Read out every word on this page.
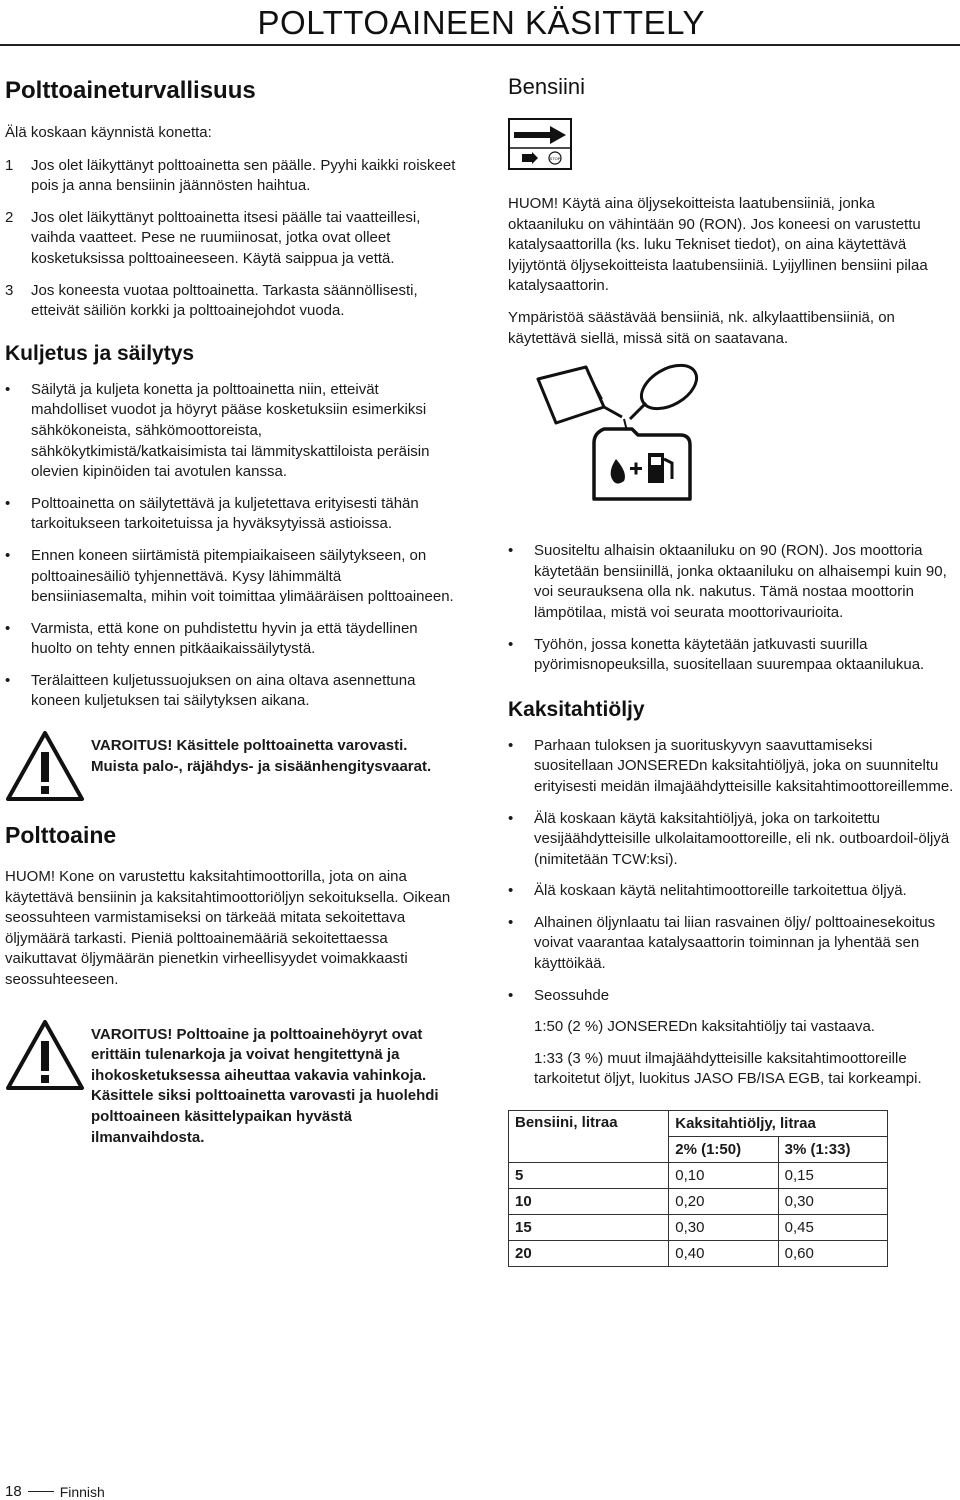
POLTTOAINEEN KÄSITTELY
Polttoaineturvallisuus

Älä koskaan käynnistä konetta:

1	Jos olet läikyttänyt polttoainetta sen päälle. Pyyhi kaikki roiskeet pois ja anna bensiinin jäännösten haihtua.
2	Jos olet läikyttänyt polttoainetta itsesi päälle tai vaatteillesi, vaihda vaatteet. Pese ne ruumiinosat, jotka ovat olleet kosketuksissa polttoaineeseen. Käytä saippua ja vettä.
3	Jos koneesta vuotaa polttoainetta. Tarkasta säännöllisesti, etteivät säiliön korkki ja polttoainejohdot vuoda.
Kuljetus ja säilytys
•	Säilytä ja kuljeta konetta ja polttoainetta niin, etteivät mahdolliset vuodot ja höyryt pääse kosketuksiin esimerkiksi sähkökoneista, sähkömoottoreista, sähkökytkimistä/katkaisimista tai lämmityskattiloista peräisin olevien kipinöiden tai avotulen kanssa.
•	Polttoainetta on säilytettävä ja kuljetettava erityisesti tähän tarkoitukseen tarkoitetuissa ja hyväksytyissä astioissa.
•	Ennen koneen siirtämistä pitempiaikaiseen säilytykseen, on polttoainesäiliö tyhjennettävä. Kysy lähimmältä bensiiniasemalta, mihin voit toimittaa ylimääräisen polttoaineen.
•	Varmista, että kone on puhdistettu hyvin ja että täydellinen huolto on tehty ennen pitkäaikaissäilytystä.
•	Terälaitteen kuljetussuojuksen on aina oltava asennettuna koneen kuljetuksen tai säilytyksen aikana.
VAROITUS! Käsittele polttoainetta varovasti. Muista palo-, räjähdys- ja sisäänhengitysvaarat.
Polttoaine

HUOM! Kone on varustettu kaksitahtimoottorilla, jota on aina käytettävä bensiinin ja kaksitahtimoottoriöljyn sekoituksella. Oikean seossuhteen varmistamiseksi on tärkeää mitata sekoitettava öljymäärä tarkasti. Pieniä polttoainemääriä sekoitettaessa vaikuttavat öljymäärän pienetkin virheellisyydet voimakkaasti seossuhteeseen.

VAROITUS! Polttoaine ja polttoainehöyryt ovat erittäin tulenarkoja ja voivat hengitettynä ja ihokosketuksessa aiheuttaa vakavia vahinkoja. Käsittele siksi polttoainetta varovasti ja huolehdi polttoaineen käsittelypaikan hyvästä ilmanvaihdosta.
Bensiini
STOP

HUOM! Käytä aina öljysekoitteista laatubensiiniä, jonka oktaaniluku on vähintään 90 (RON). Jos koneesi on varustettu katalysaattorilla (ks. luku Tekniset tiedot), on aina käytettävä lyijytöntä öljysekoitteista laatubensiiniä. Lyijyllinen bensiini pilaa katalysaattorin.

Ympäristöä säästävää bensiiniä, nk. alkylaattibensiiniä, on käytettävä siellä, missä sitä on saatavana.

•	Suositeltu alhaisin oktaaniluku on 90 (RON). Jos moottoria käytetään bensiinillä, jonka oktaaniluku on alhaisempi kuin 90, voi seurauksena olla nk. nakutus. Tämä nostaa moottorin lämpötilaa, mistä voi seurata moottorivaurioita.
•	Työhön, jossa konetta käytetään jatkuvasti suurilla pyörimisnopeuksilla, suositellaan suurempaa oktaanilukua.
Kaksitahtiöljy
•	Parhaan tuloksen ja suorituskyvyn saavuttamiseksi suositellaan JONSEREDn kaksitahtiöljyä, joka on suunniteltu erityisesti meidän ilmajäähdytteisille kaksitahtimoottoreillemme.
•	Älä koskaan käytä kaksitahtiöljyä, joka on tarkoitettu vesijäähdytteisille ulkolaitamoottoreille, eli nk. outboardoil-öljyä (nimitetään TCW:ksi).
•	Älä koskaan käytä nelitahtimoottoreille tarkoitettua öljyä.
•	Alhainen öljynlaatu tai liian rasvainen öljy/ polttoainesekoitus voivat vaarantaa katalysaattorin toiminnan ja lyhentää sen käyttöikää.
•	Seossuhde

1:50 (2 %) JONSEREDn kaksitahtiöljy tai vastaava.

1:33 (3 %) muut ilmajäähdytteisille kaksitahtimoottoreille tarkoitetut öljyt, luokitus JASO FB/ISA EGB, tai korkeampi.

Bensiini, litraa	Kaksitahtiöljy, litraa	
	2% (1:50)	3% (1:33)
5	0,10	0,15
10	0,20	0,30
15	0,30	0,45
20	0,40	0,60
18	Finnish
